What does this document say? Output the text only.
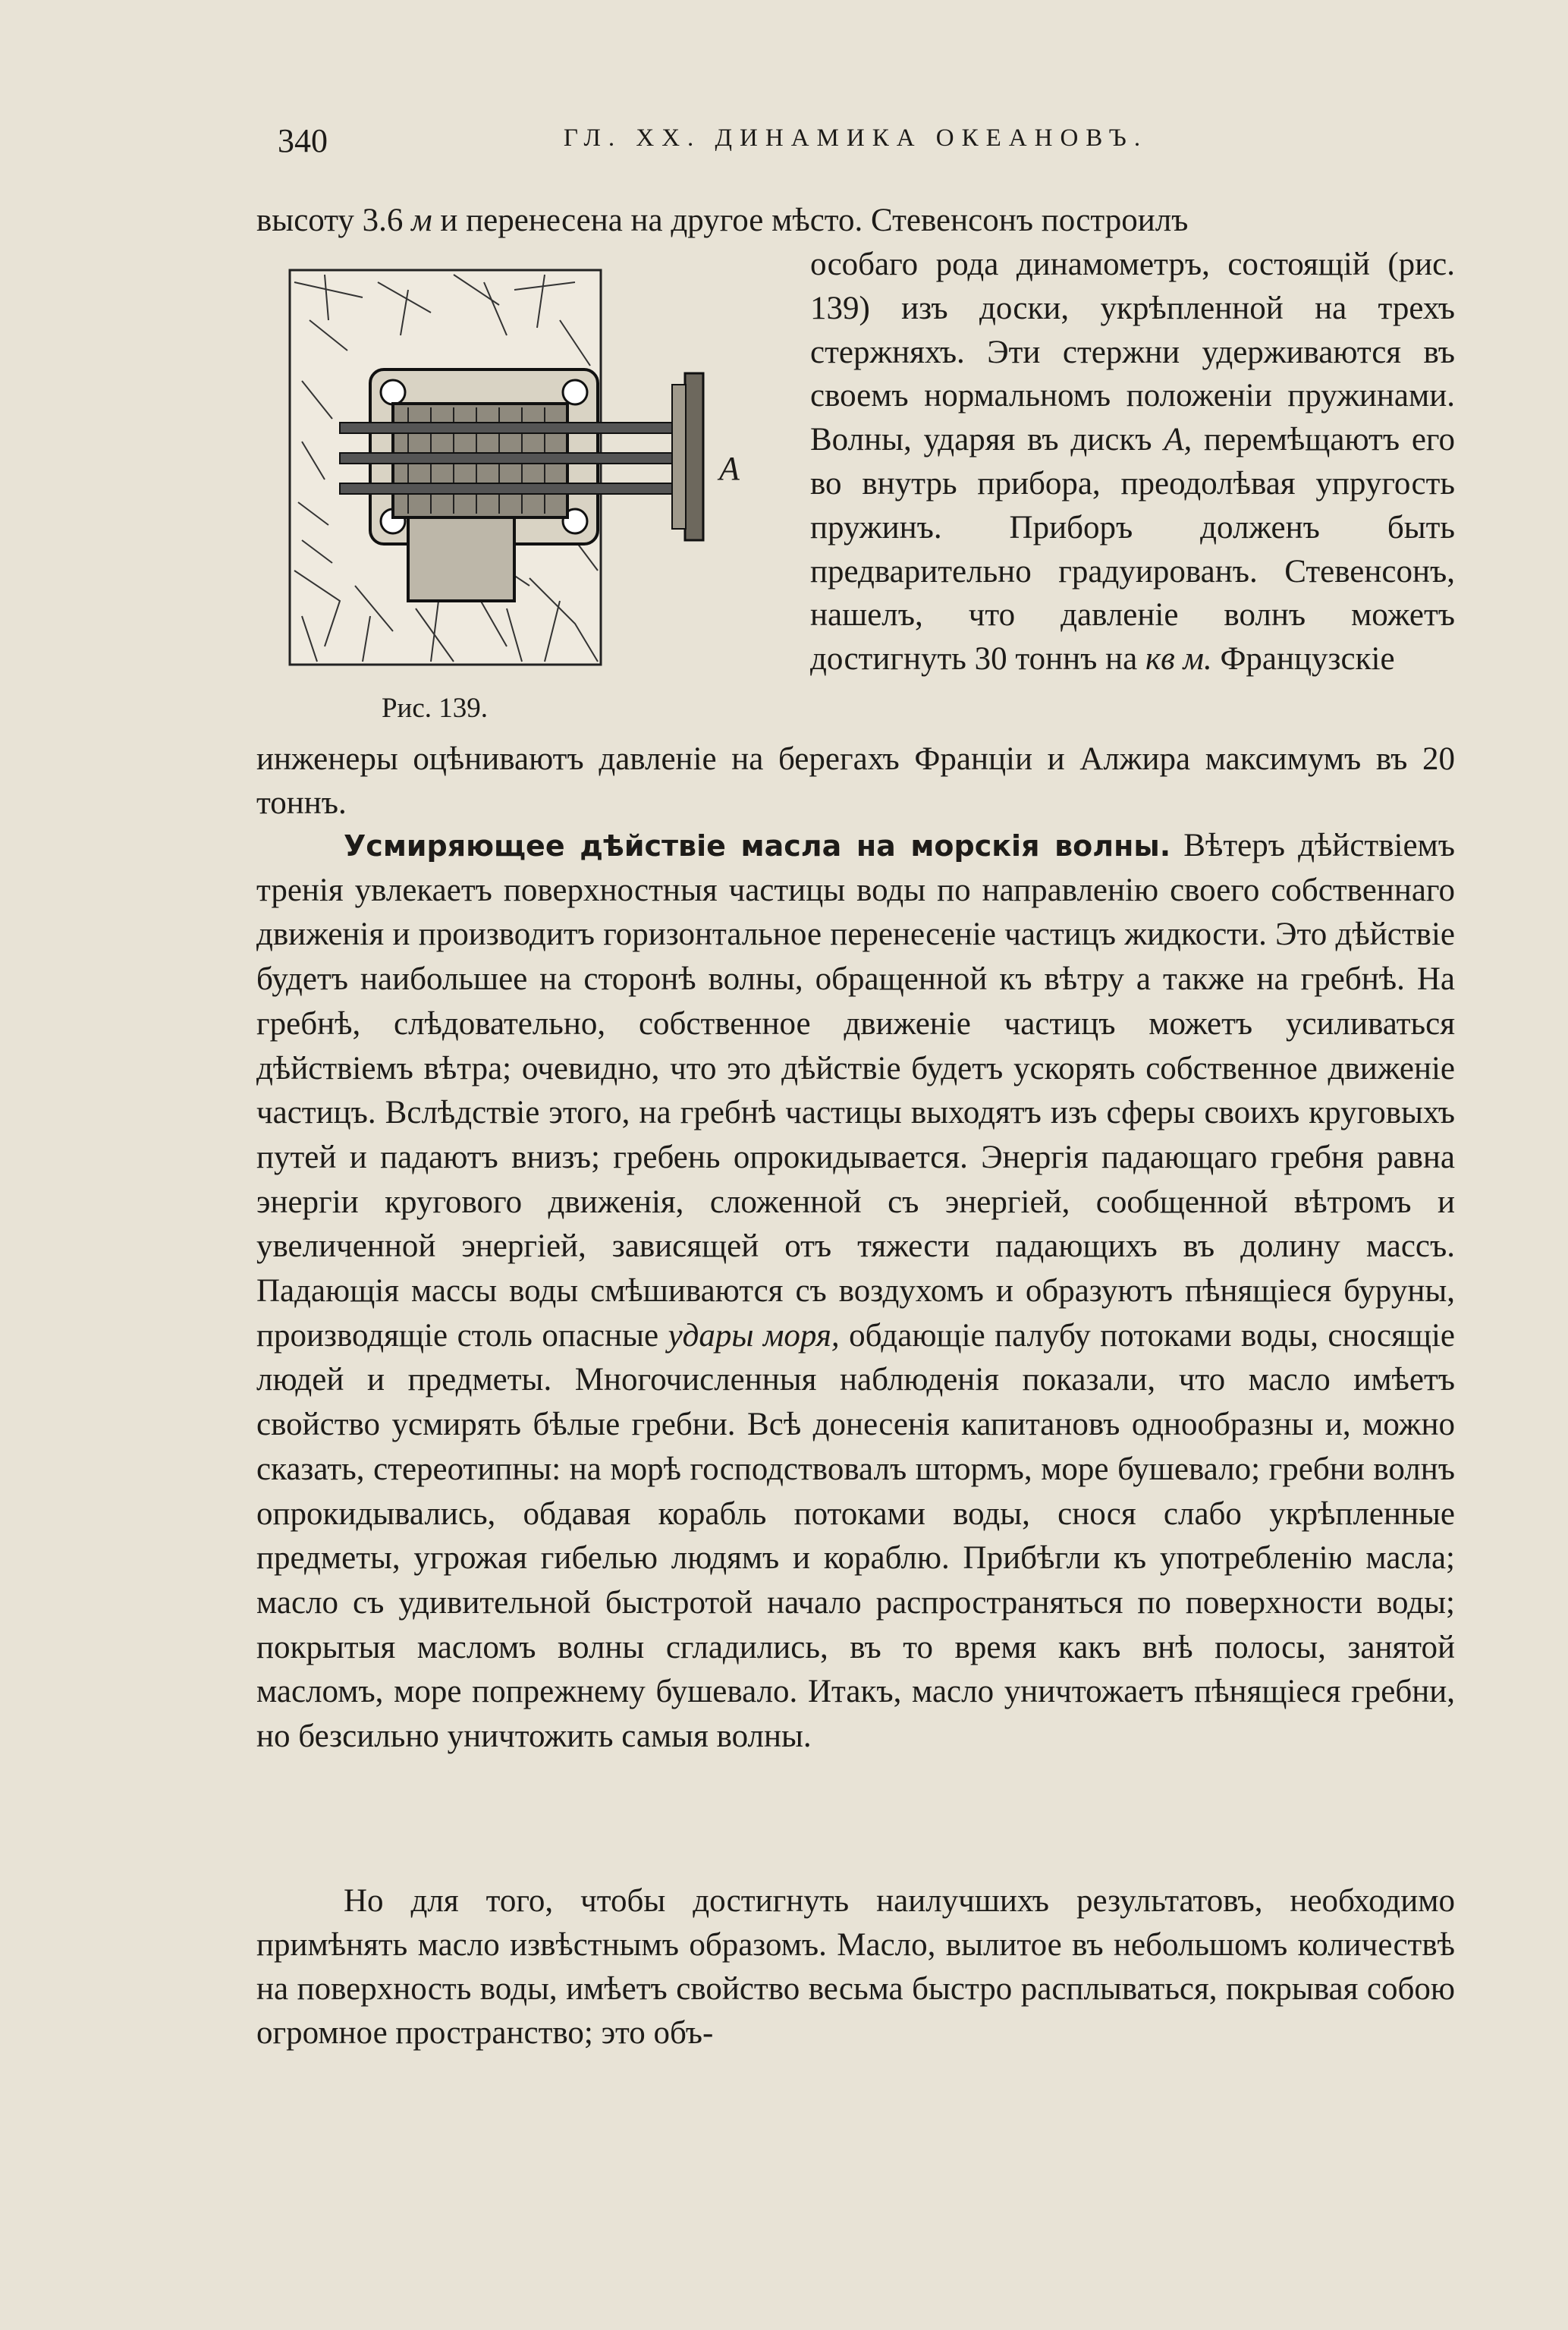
340	ГЛ. XX. ДИНАМИКА ОКЕАНОВЪ.

высоту 3.6 м и перенесена на другое мѣсто. Стевенсонъ построилъ

A
Рис. 139.

особаго рода динамометръ, состоящій (рис. 139) изъ доски, укрѣпленной на трехъ стержняхъ. Эти стержни удерживаются въ своемъ нормальномъ положеніи пружинами. Волны, ударяя въ дискъ A, перемѣщаютъ его во внутрь прибора, преодолѣвая упругость пружинъ. Приборъ долженъ быть предварительно градуированъ. Стевенсонъ, нашелъ, что давленіе волнъ можетъ достигнуть 30 тоннъ на кв м. Французскіе

инженеры оцѣниваютъ давленіе на берегахъ Франціи и Алжира максимумъ въ 20 тоннъ.

Усмиряющее дѣйствіе масла на морскія волны. Вѣтеръ дѣйствіемъ тренія увлекаетъ поверхностныя частицы воды по направленію своего собственнаго движенія и производитъ горизонтальное перенесеніе частицъ жидкости. Это дѣйствіе будетъ наибольшее на сторонѣ волны, обращенной къ вѣтру а также на гребнѣ. На гребнѣ, слѣдовательно, собственное движеніе частицъ можетъ усиливаться дѣйствіемъ вѣтра; очевидно, что это дѣйствіе будетъ ускорять собственное движеніе частицъ. Вслѣдствіе этого, на гребнѣ частицы выходятъ изъ сферы своихъ круговыхъ путей и падаютъ внизъ; гребень опрокидывается. Энергія падающаго гребня равна энергіи кругового движенія, сложенной съ энергіей, сообщенной вѣтромъ и увеличенной энергіей, зависящей отъ тяжести падающихъ въ долину массъ. Падающія массы воды смѣшиваются съ воздухомъ и образуютъ пѣнящіеся буруны, производящіе столь опасные удары моря, обдающіе палубу потоками воды, сносящіе людей и предметы. Многочисленныя наблюденія показали, что масло имѣетъ свойство усмирять бѣлые гребни. Всѣ донесенія капитановъ однообразны и, можно сказать, стереотипны: на морѣ господствовалъ штормъ, море бушевало; гребни волнъ опрокидывались, обдавая корабль потоками воды, снося слабо укрѣпленные предметы, угрожая гибелью людямъ и кораблю. Прибѣгли къ употребленію масла; масло съ удивительной быстротой начало распространяться по поверхности воды; покрытыя масломъ волны сгладились, въ то время какъ внѣ полосы, занятой масломъ, море попрежнему бушевало. Итакъ, масло уничтожаетъ пѣнящіеся гребни, но безсильно уничтожить самыя волны.

Но для того, чтобы достигнуть наилучшихъ результатовъ, необходимо примѣнять масло извѣстнымъ образомъ. Масло, вылитое въ небольшомъ количествѣ на поверхность воды, имѣетъ свойство весьма быстро расплываться, покрывая собою огромное пространство; это объ-
